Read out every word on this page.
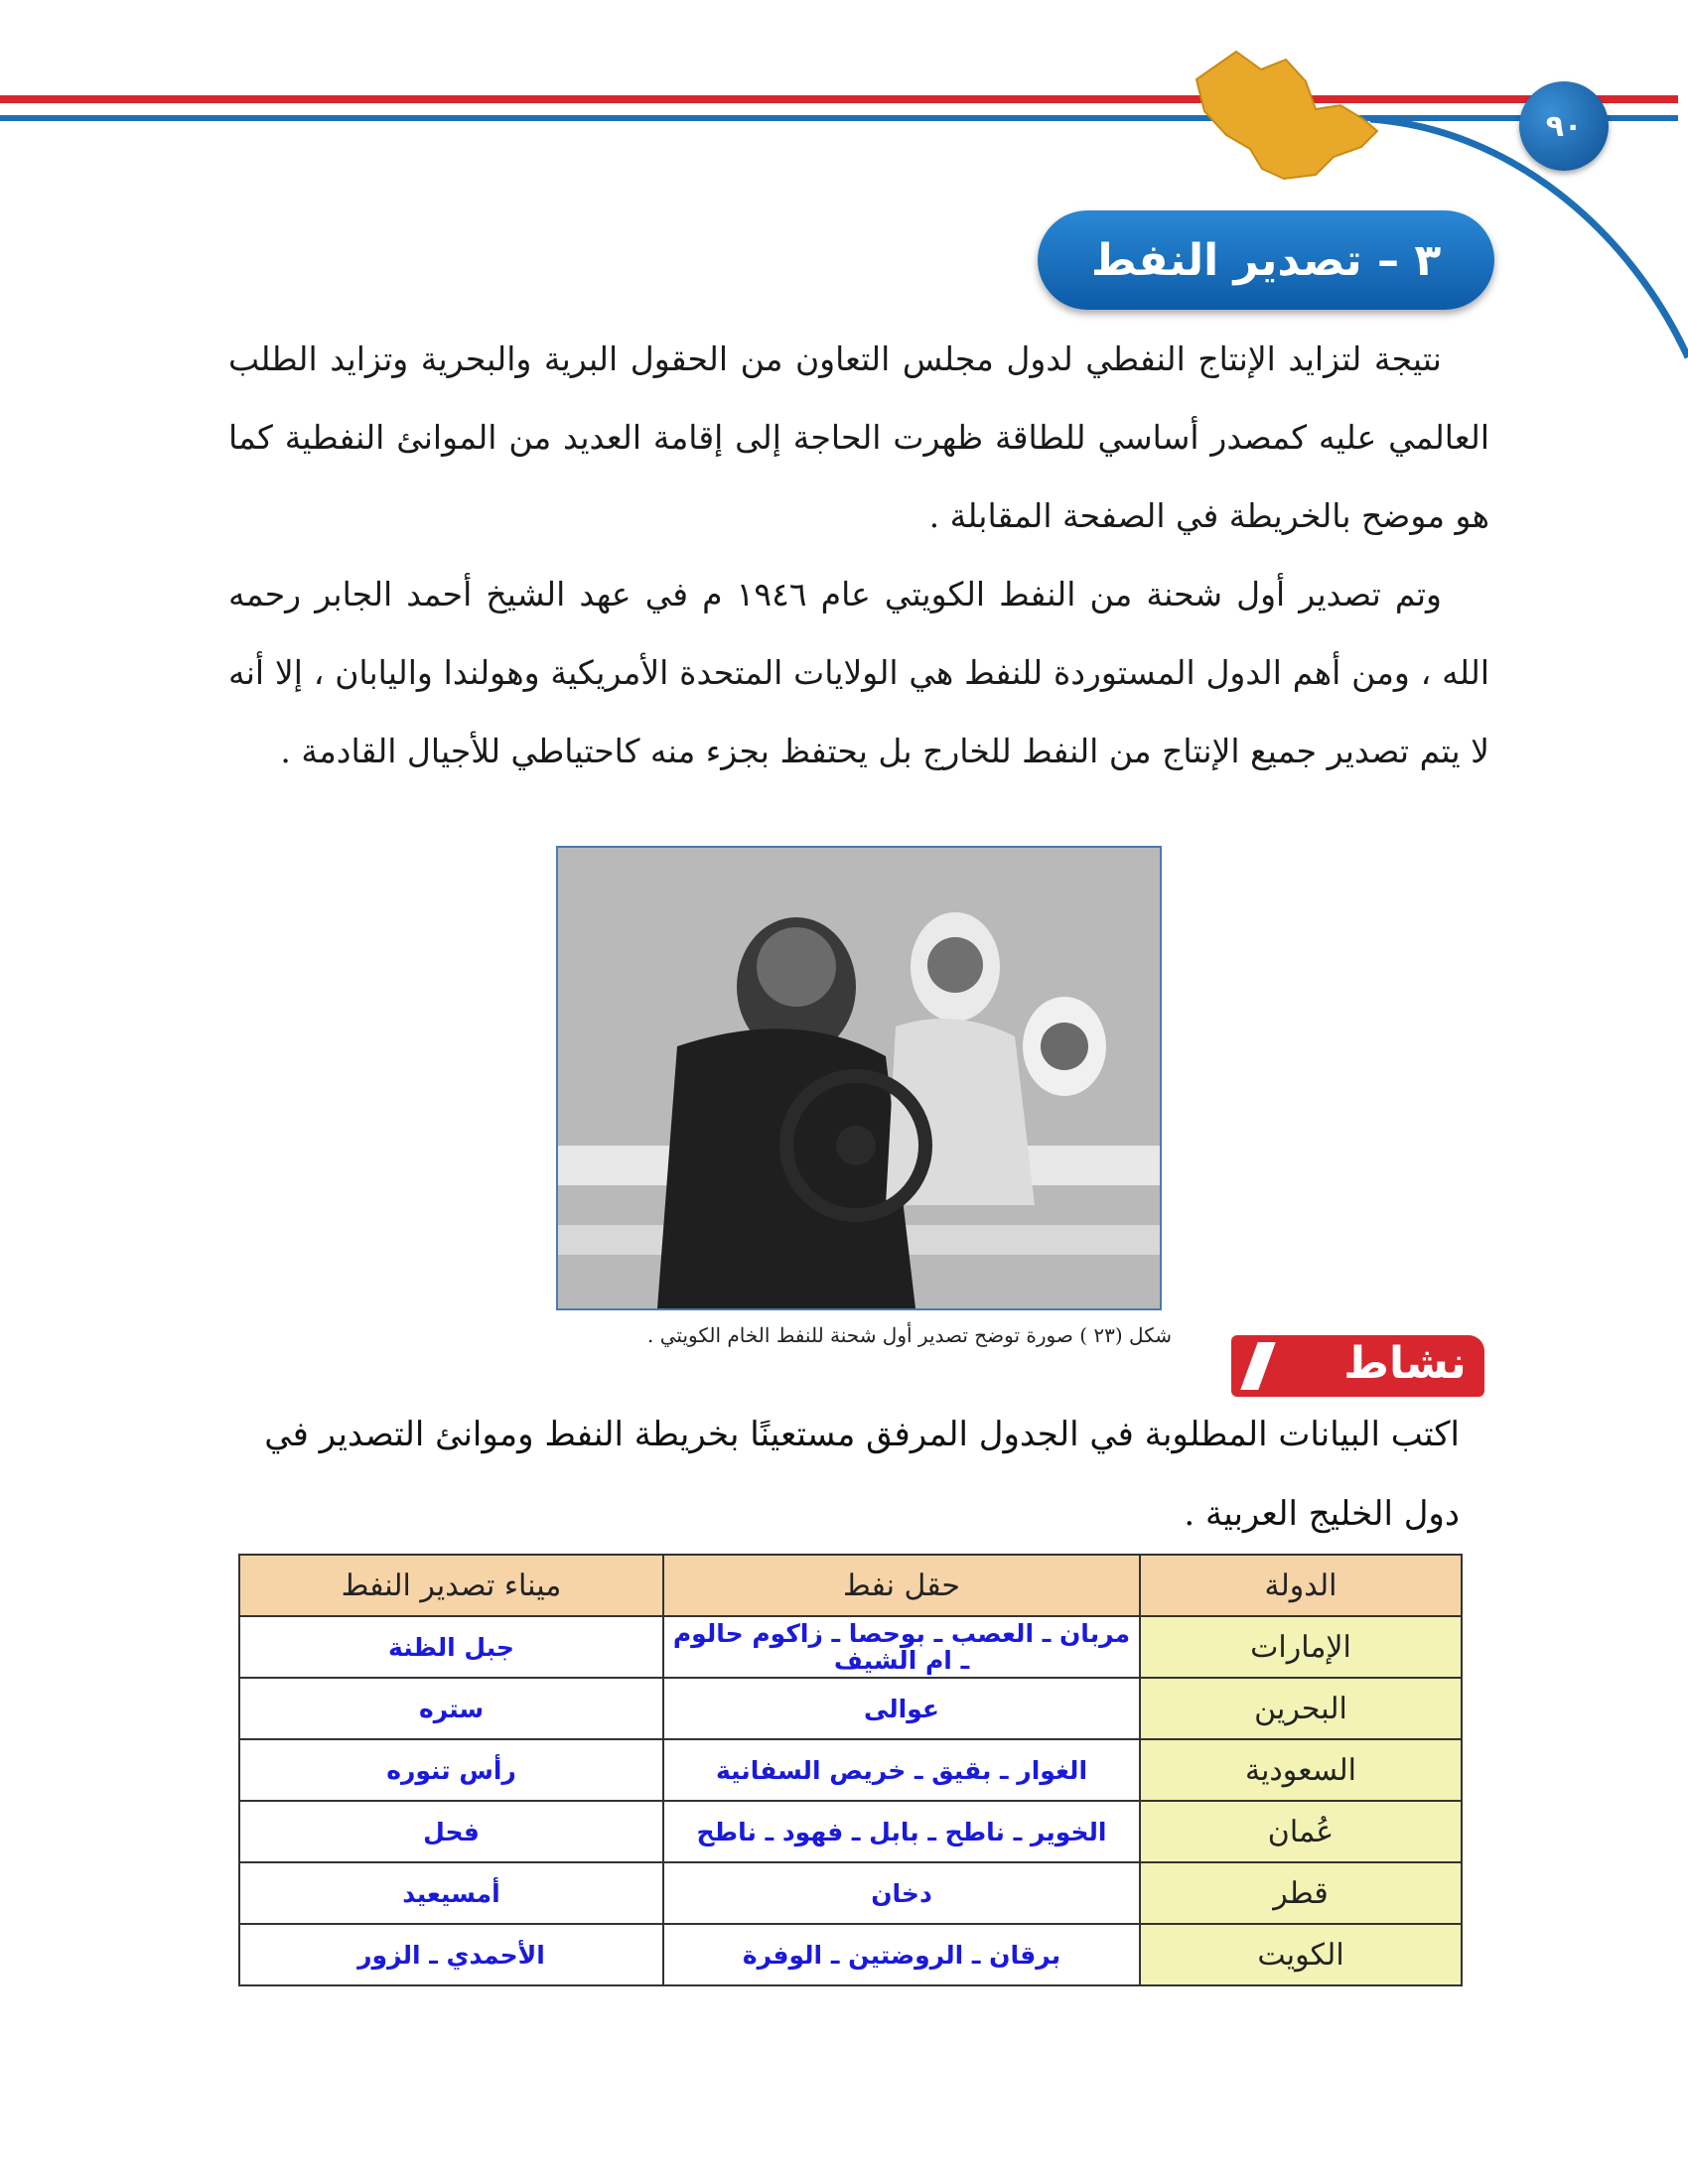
٩٠
٣ – تصدير النفط
نتيجة لتزايد الإنتاج النفطي لدول مجلس التعاون من الحقول البرية والبحرية وتزايد الطلب العالمي عليه كمصدر أساسي للطاقة ظهرت الحاجة إلى إقامة العديد من الموانئ النفطية كما هو موضح بالخريطة في الصفحة المقابلة .
وتم تصدير أول شحنة من النفط الكويتي عام ١٩٤٦ م في عهد الشيخ أحمد الجابر رحمه الله ، ومن أهم الدول المستوردة للنفط هي الولايات المتحدة الأمريكية وهولندا واليابان ، إلا أنه لا يتم تصدير جميع الإنتاج من النفط للخارج بل يحتفظ بجزء منه كاحتياطي للأجيال القادمة .
شكل (٢٣ ) صورة توضح تصدير أول شحنة للنفط الخام الكويتي .
نشاط
اكتب البيانات المطلوبة في الجدول المرفق مستعينًا بخريطة النفط وموانئ التصدير في دول الخليج العربية .
الدولة	حقل نفط	ميناء تصدير النفط
الإمارات	مربان ـ العصب ـ بوحصا ـ زاكوم حالوم ـ ام الشيف	جبل الظنة
البحرين	عوالى	ستره
السعودية	الغوار ـ بقيق ـ خريص السفانية	رأس تنوره
عُمان	الخوير ـ ناطح ـ بابل ـ فهود ـ ناطح	فحل
قطر	دخان	أمسيعيد
الكويت	برقان ـ الروضتين ـ الوفرة	الأحمدي ـ الزور
